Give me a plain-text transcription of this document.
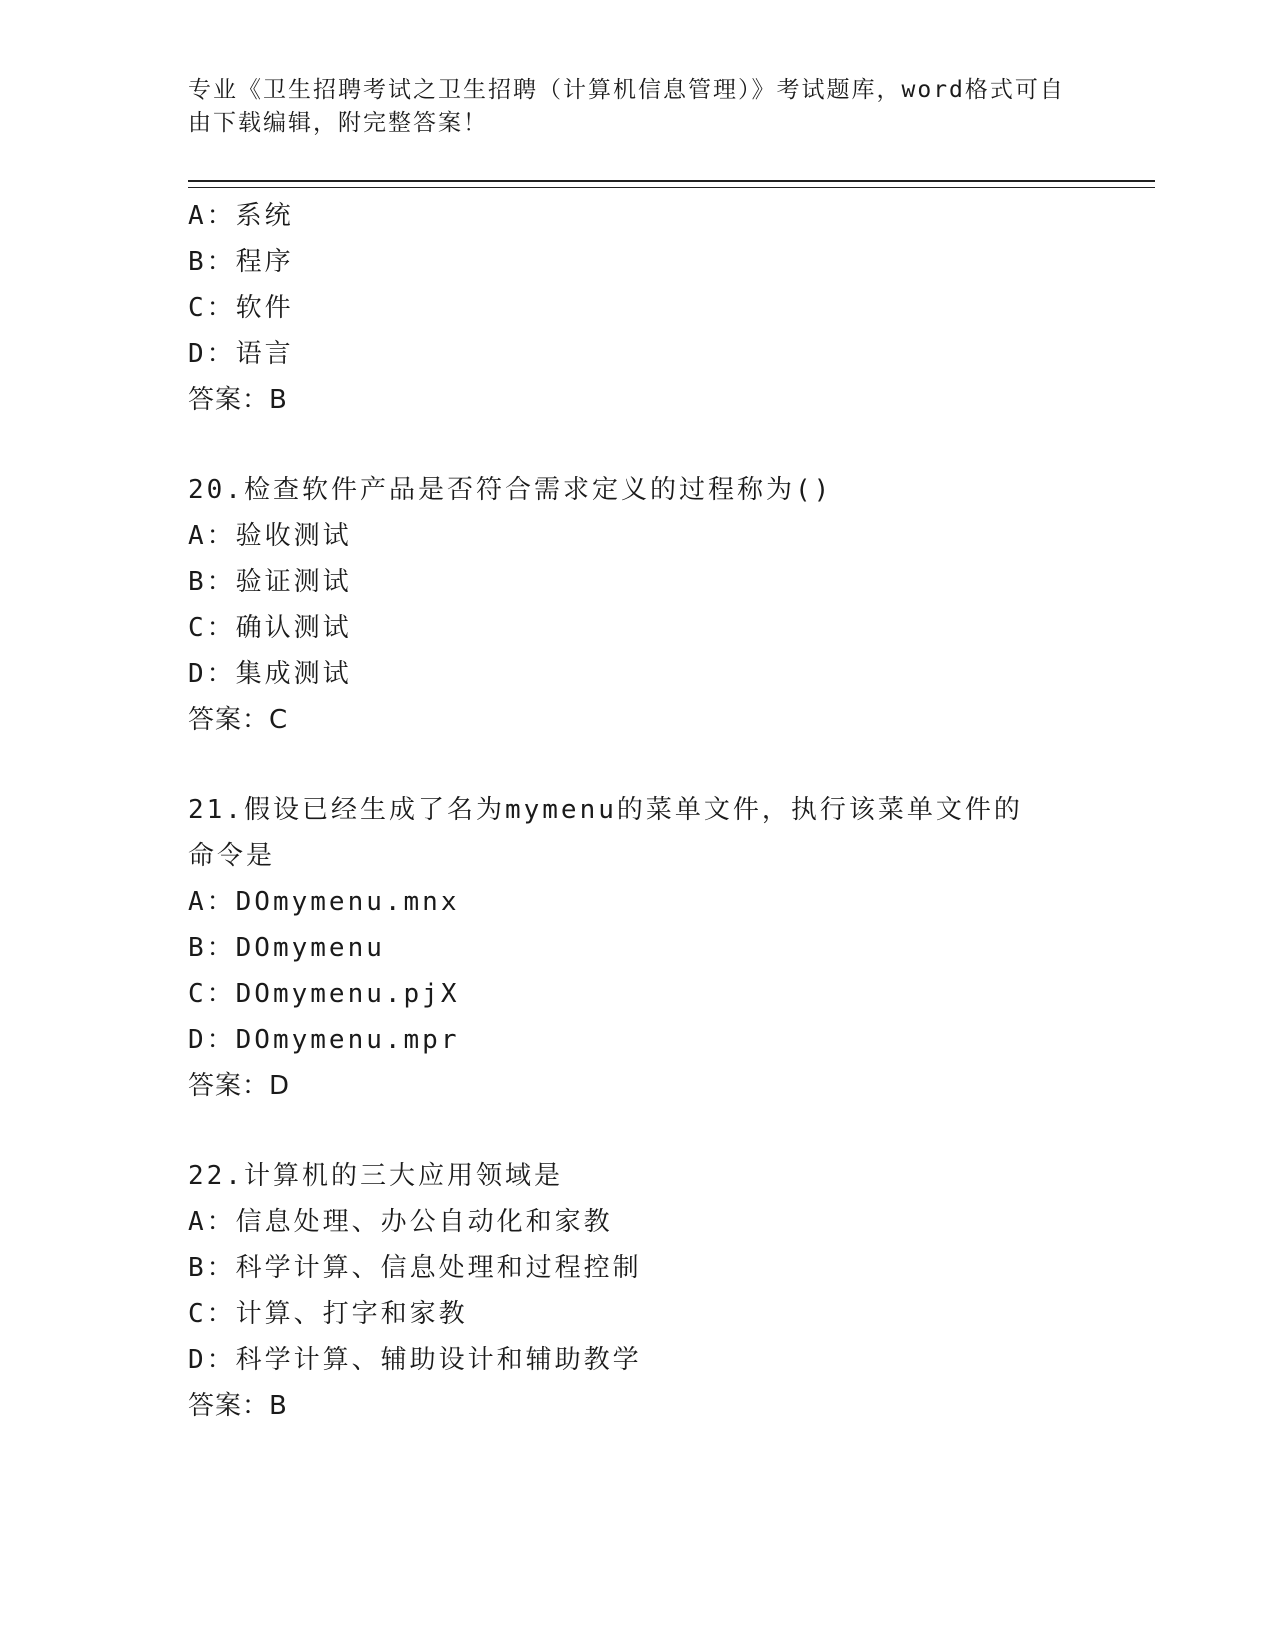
专业《卫生招聘考试之卫生招聘（计算机信息管理）》考试题库，word格式可自由下载编辑，附完整答案！
A：系统
B：程序
C：软件
D：语言
答案：B
20.检查软件产品是否符合需求定义的过程称为()
A：验收测试
B：验证测试
C：确认测试
D：集成测试
答案：C
21.假设已经生成了名为mymenu的菜单文件，执行该菜单文件的命令是
A：DOmymenu.mnx
B：DOmymenu
C：DOmymenu.pjX
D：DOmymenu.mpr
答案：D
22.计算机的三大应用领域是
A：信息处理、办公自动化和家教
B：科学计算、信息处理和过程控制
C：计算、打字和家教
D：科学计算、辅助设计和辅助教学
答案：B
